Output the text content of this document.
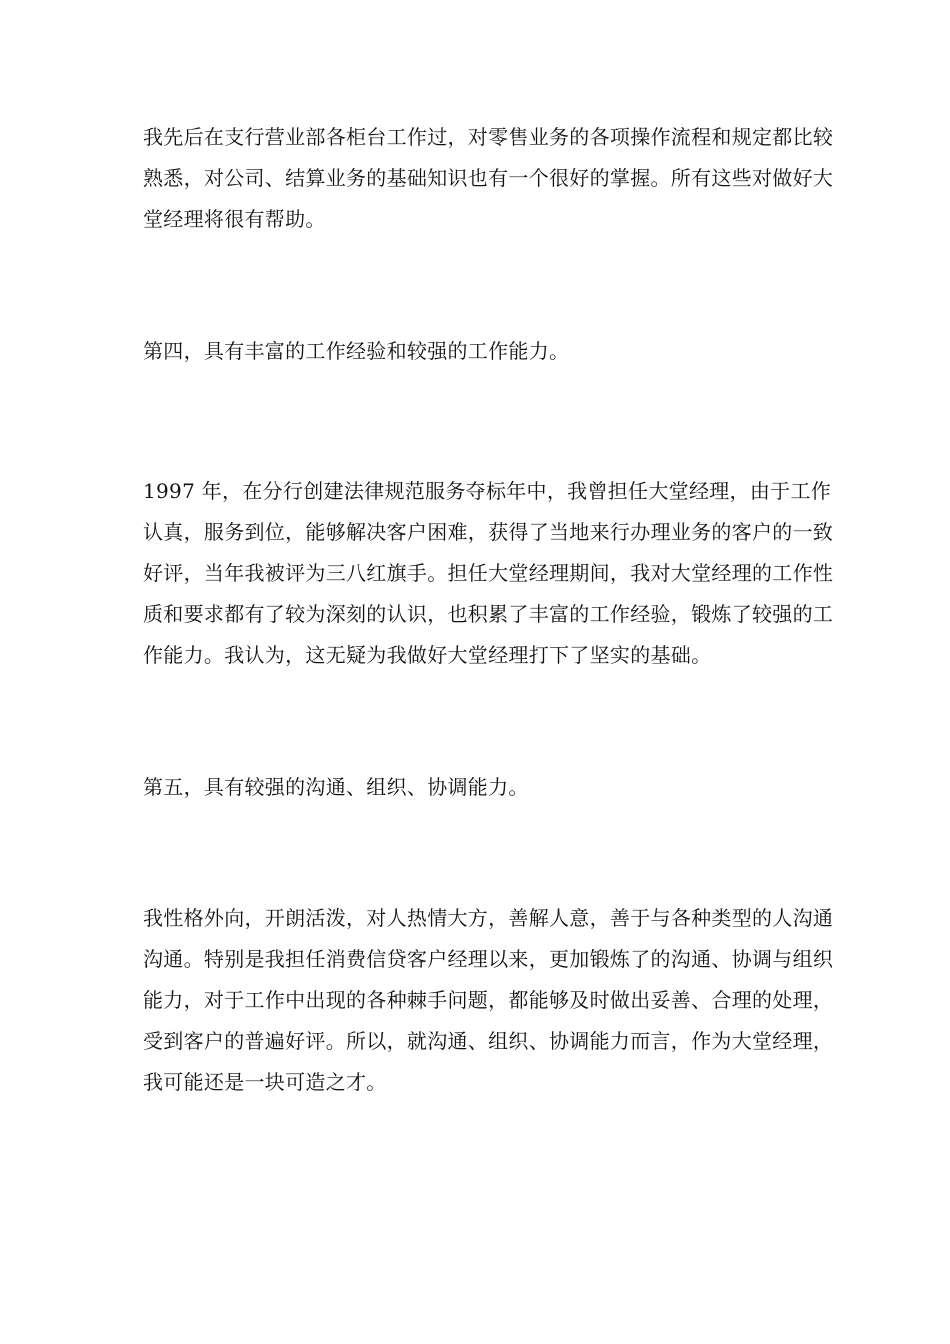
我先后在支行营业部各柜台工作过，对零售业务的各项操作流程和规定都比较
熟悉，对公司、结算业务的基础知识也有一个很好的掌握。所有这些对做好大
堂经理将很有帮助。

第四，具有丰富的工作经验和较强的工作能力。

1997 年，在分行创建法律规范服务夺标年中，我曾担任大堂经理，由于工作
认真，服务到位，能够解决客户困难，获得了当地来行办理业务的客户的一致
好评，当年我被评为三八红旗手。担任大堂经理期间，我对大堂经理的工作性
质和要求都有了较为深刻的认识，也积累了丰富的工作经验，锻炼了较强的工
作能力。我认为，这无疑为我做好大堂经理打下了坚实的基础。

第五，具有较强的沟通、组织、协调能力。

我性格外向，开朗活泼，对人热情大方，善解人意，善于与各种类型的人沟通
沟通。特别是我担任消费信贷客户经理以来，更加锻炼了的沟通、协调与组织
能力，对于工作中出现的各种棘手问题，都能够及时做出妥善、合理的处理，
受到客户的普遍好评。所以，就沟通、组织、协调能力而言，作为大堂经理，
我可能还是一块可造之才。
